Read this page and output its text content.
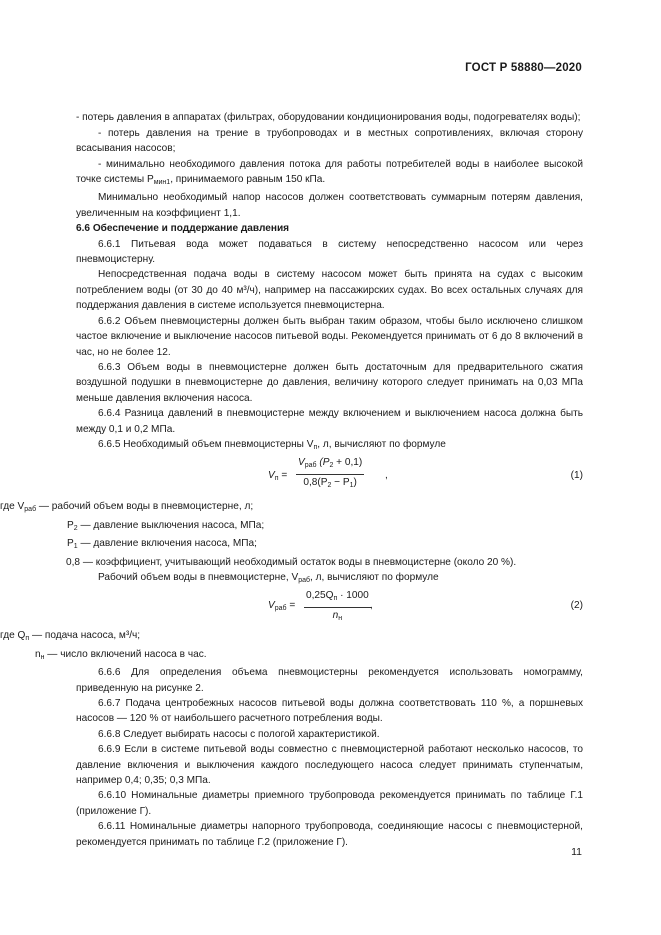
ГОСТ Р 58880—2020

- потерь давления в аппаратах (фильтрах, оборудовании кондиционирования воды, подогревателях воды);

- потерь давления на трение в трубопроводах и в местных сопротивлениях, включая сторону всасывания насосов;

- минимально необходимого давления потока для работы потребителей воды в наиболее высокой точке системы $P_{мин1}$, принимаемого равным 150 кПа.

Минимально необходимый напор насосов должен соответствовать суммарным потерям давления, увеличенным на коэффициент 1,1.

6.6 Обеспечение и поддержание давления

6.6.1 Питьевая вода может подаваться в систему непосредственно насосом или через пневмоцистерну.

Непосредственная подача воды в систему насосом может быть принята на судах с высоким потреблением воды (от 30 до 40 м³/ч), например на пассажирских судах. Во всех остальных случаях для поддержания давления в системе используется пневмоцистерна.

6.6.2 Объем пневмоцистерны должен быть выбран таким образом, чтобы было исключено слишком частое включение и выключение насосов питьевой воды. Рекомендуется принимать от 6 до 8 включений в час, но не более 12.

6.6.3 Объем воды в пневмоцистерне должен быть достаточным для предварительного сжатия воздушной подушки в пневмоцистерне до давления, величину которого следует принимать на 0,03 МПа меньше давления включения насоса.

6.6.4 Разница давлений в пневмоцистерне между включением и выключением насоса должна быть между 0,1 и 0,2 МПа.

6.6.5 Необходимый объем пневмоцистерны $V_п$, л, вычисляют по формуле

$V_п$ =
$V_{раб}$ $(P_2 + 0,1)$
$0,8(P_2 - P_1)$
,	(1)

где $V_{раб}$ — рабочий объем воды в пневмоцистерне, л;

$P_2$ — давление выключения насоса, МПа;

$P_1$ — давление включения насоса, МПа;

0,8 — коэффициент, учитывающий необходимый остаток воды в пневмоцистерне (около 20 %).

Рабочий объем воды в пневмоцистерне, $V_{раб}$, л, вычисляют по формуле

$V_{раб}$ =
$0,25Q_п \cdot 1000$
$n_н$
,	(2)

где $Q_п$ — подача насоса, м³/ч;

$n_н$ — число включений насоса в час.

6.6.6 Для определения объема пневмоцистерны рекомендуется использовать номограмму, приведенную на рисунке 2.

6.6.7 Подача центробежных насосов питьевой воды должна соответствовать 110 %, а поршневых насосов — 120 % от наибольшего расчетного потребления воды.

6.6.8 Следует выбирать насосы с пологой характеристикой.

6.6.9 Если в системе питьевой воды совместно с пневмоцистерной работают несколько насосов, то давление включения и выключения каждого последующего насоса следует принимать ступенчатым, например 0,4; 0,35; 0,3 МПа.

6.6.10 Номинальные диаметры приемного трубопровода рекомендуется принимать по таблице Г.1 (приложение Г).

6.6.11 Номинальные диаметры напорного трубопровода, соединяющие насосы с пневмоцистерной, рекомендуется принимать по таблице Г.2 (приложение Г).

11
